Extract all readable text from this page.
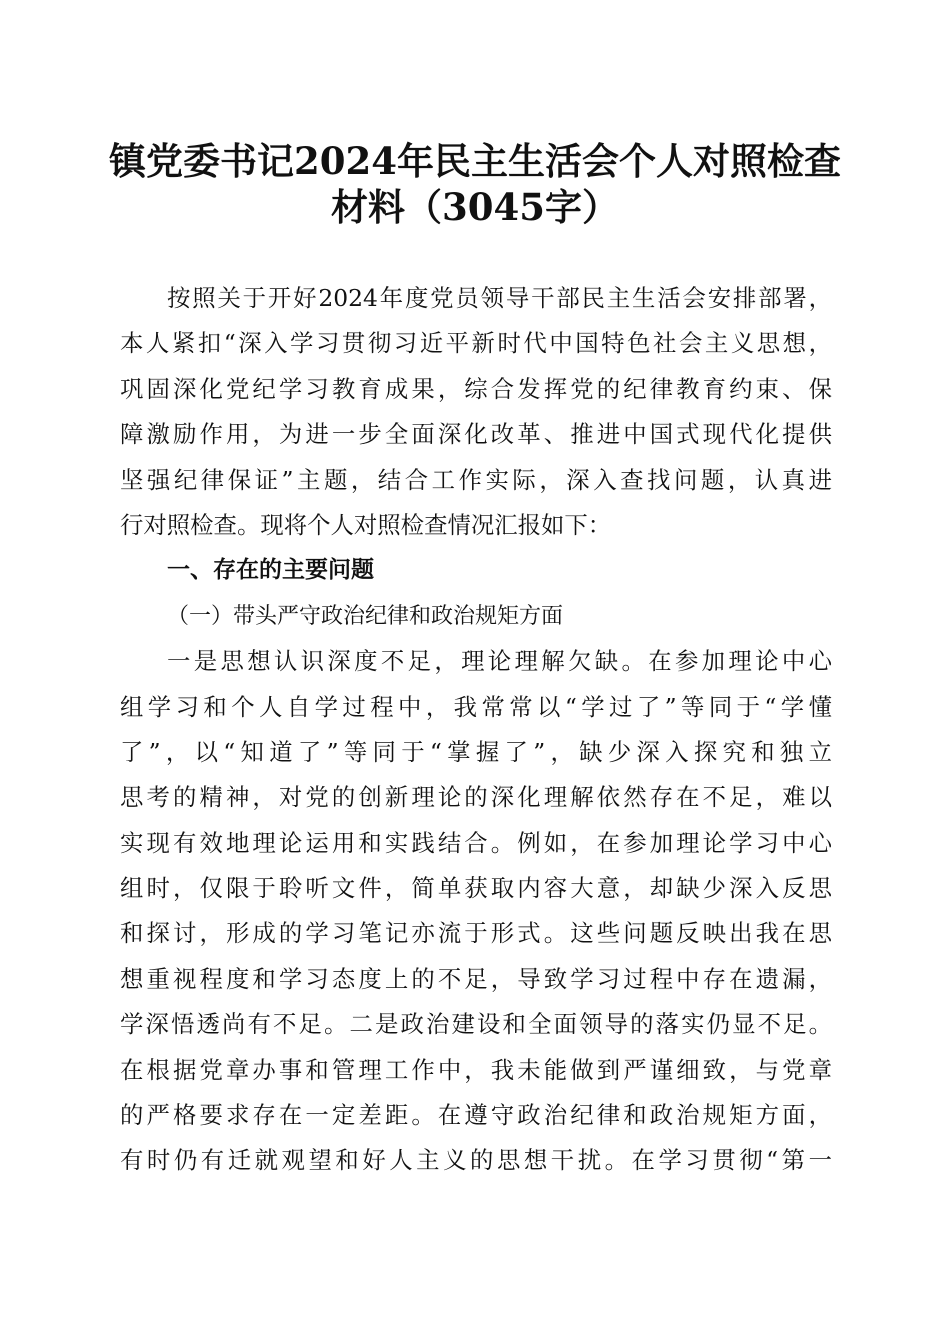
镇党委书记2024年民主生活会个人对照检查
材料（3045字）
按照关于开好2024年度党员领导干部民主生活会安排部署，
本人紧扣“深入学习贯彻习近平新时代中国特色社会主义思想，
巩固深化党纪学习教育成果，综合发挥党的纪律教育约束、保
障激励作用，为进一步全面深化改革、推进中国式现代化提供
坚强纪律保证”主题，结合工作实际，深入查找问题，认真进
行对照检查。现将个人对照检查情况汇报如下：
一、存在的主要问题
（一）带头严守政治纪律和政治规矩方面
一是思想认识深度不足，理论理解欠缺。在参加理论中心
组学习和个人自学过程中，我常常以“学过了”等同于“学懂
了”，以“知道了”等同于“掌握了”，缺少深入探究和独立
思考的精神，对党的创新理论的深化理解依然存在不足，难以
实现有效地理论运用和实践结合。例如，在参加理论学习中心
组时，仅限于聆听文件，简单获取内容大意，却缺少深入反思
和探讨，形成的学习笔记亦流于形式。这些问题反映出我在思
想重视程度和学习态度上的不足，导致学习过程中存在遗漏，
学深悟透尚有不足。二是政治建设和全面领导的落实仍显不足。
在根据党章办事和管理工作中，我未能做到严谨细致，与党章
的严格要求存在一定差距。在遵守政治纪律和政治规矩方面，
有时仍有迁就观望和好人主义的思想干扰。在学习贯彻“第一
